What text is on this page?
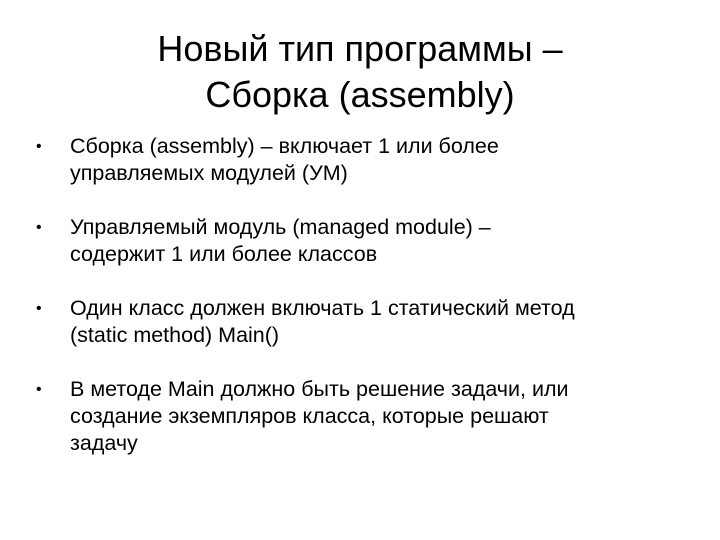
Новый тип программы –
Сборка (assembly)
•	Сборка (assembly) – включает 1 или более
управляемых модулей (УМ)
•	Управляемый модуль (managed module) –
содержит 1 или более классов
•	Один класс должен включать 1 статический метод
(static method) Main()
•	В методе Main должно быть решение задачи, или
создание экземпляров класса, которые решают
задачу
